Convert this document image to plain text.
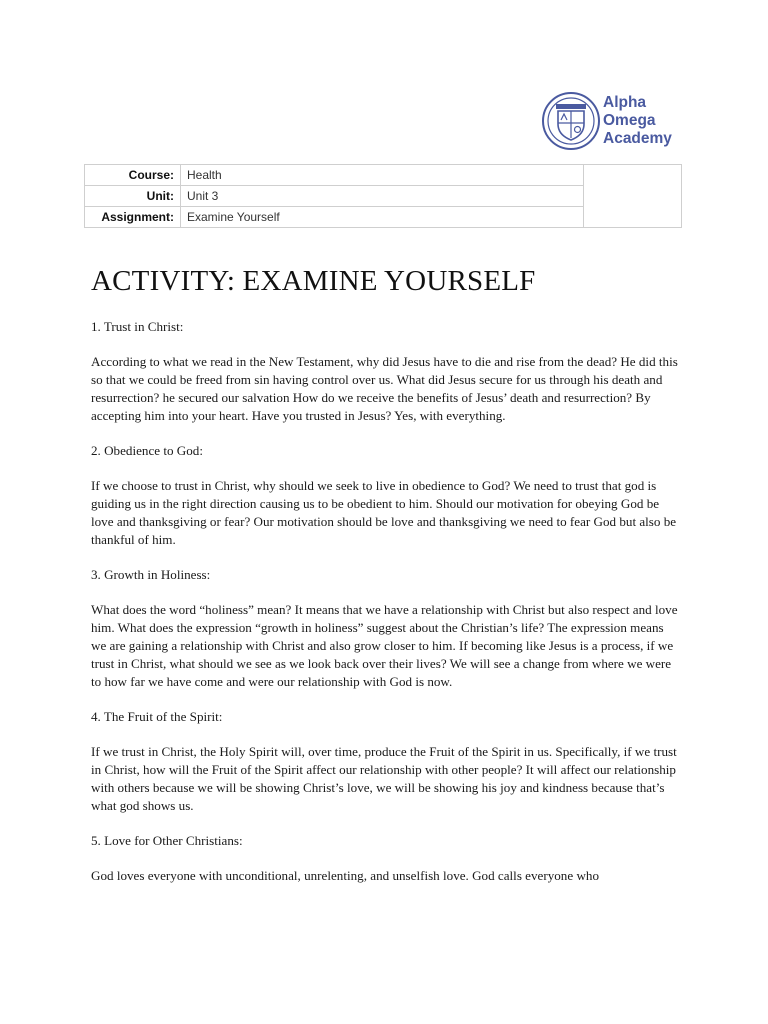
Alpha
Omega
Academy
Course:	Health	
Unit:	Unit 3	
Assignment:	Examine Yourself	
ACTIVITY: EXAMINE YOURSELF

1. Trust in Christ:

According to what we read in the New Testament, why did Jesus have to die and rise from the dead? He did this so that we could be freed from sin having control over us. What did Jesus secure for us through his death and resurrection? he secured our salvation How do we receive the benefits of Jesus’ death and resurrection? By accepting him into your heart. Have you trusted in Jesus? Yes, with everything.

2. Obedience to God:

If we choose to trust in Christ, why should we seek to live in obedience to God? We need to trust that god is guiding us in the right direction causing us to be obedient to him. Should our motivation for obeying God be love and thanksgiving or fear? Our motivation should be love and thanksgiving we need to fear God but also be thankful of him.

3. Growth in Holiness:

What does the word “holiness” mean? It means that we have a relationship with Christ but also respect and love him. What does the expression “growth in holiness” suggest about the Christian’s life? The expression means we are gaining a relationship with Christ and also grow closer to him. If becoming like Jesus is a process, if we trust in Christ, what should we see as we look back over their lives? We will see a change from where we were to how far we have come and were our relationship with God is now.

4. The Fruit of the Spirit:

If we trust in Christ, the Holy Spirit will, over time, produce the Fruit of the Spirit in us. Specifically, if we trust in Christ, how will the Fruit of the Spirit affect our relationship with other people? It will affect our relationship with others because we will be showing Christ’s love, we will be showing his joy and kindness because that’s what god shows us.

5. Love for Other Christians:

God loves everyone with unconditional, unrelenting, and unselfish love. God calls everyone who
